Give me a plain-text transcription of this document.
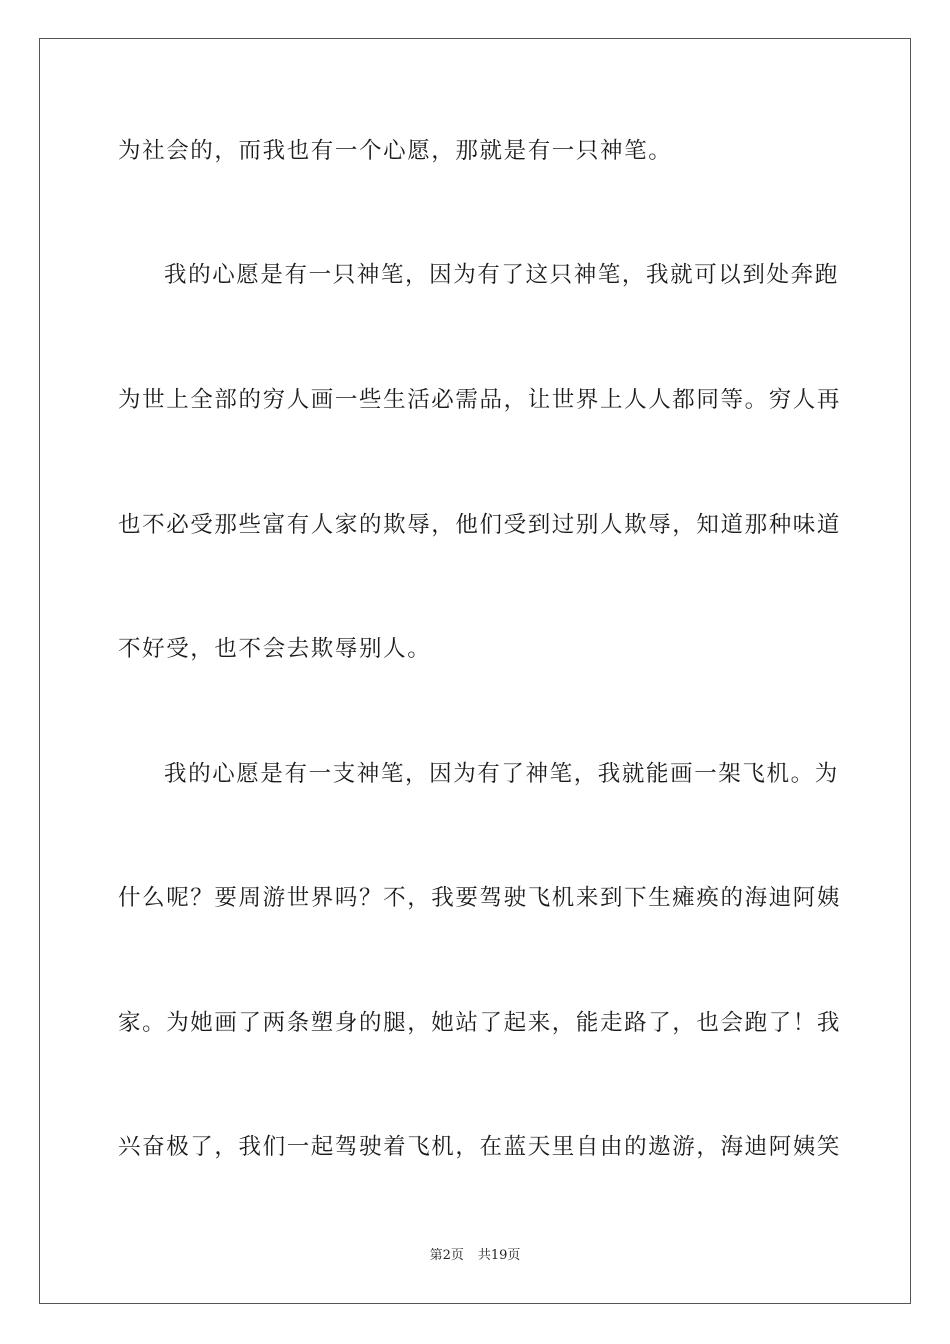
为社会的，而我也有一个心愿，那就是有一只神笔。
我的心愿是有一只神笔，因为有了这只神笔，我就可以到处奔跑
为世上全部的穷人画一些生活必需品，让世界上人人都同等。穷人再
也不必受那些富有人家的欺辱，他们受到过别人欺辱，知道那种味道
不好受，也不会去欺辱别人。
我的心愿是有一支神笔，因为有了神笔，我就能画一架飞机。为
什么呢？要周游世界吗？不，我要驾驶飞机来到下生瘫痪的海迪阿姨
家。为她画了两条塑身的腿，她站了起来，能走路了，也会跑了！我
兴奋极了，我们一起驾驶着飞机，在蓝天里自由的遨游，海迪阿姨笑
第2页 共19页
